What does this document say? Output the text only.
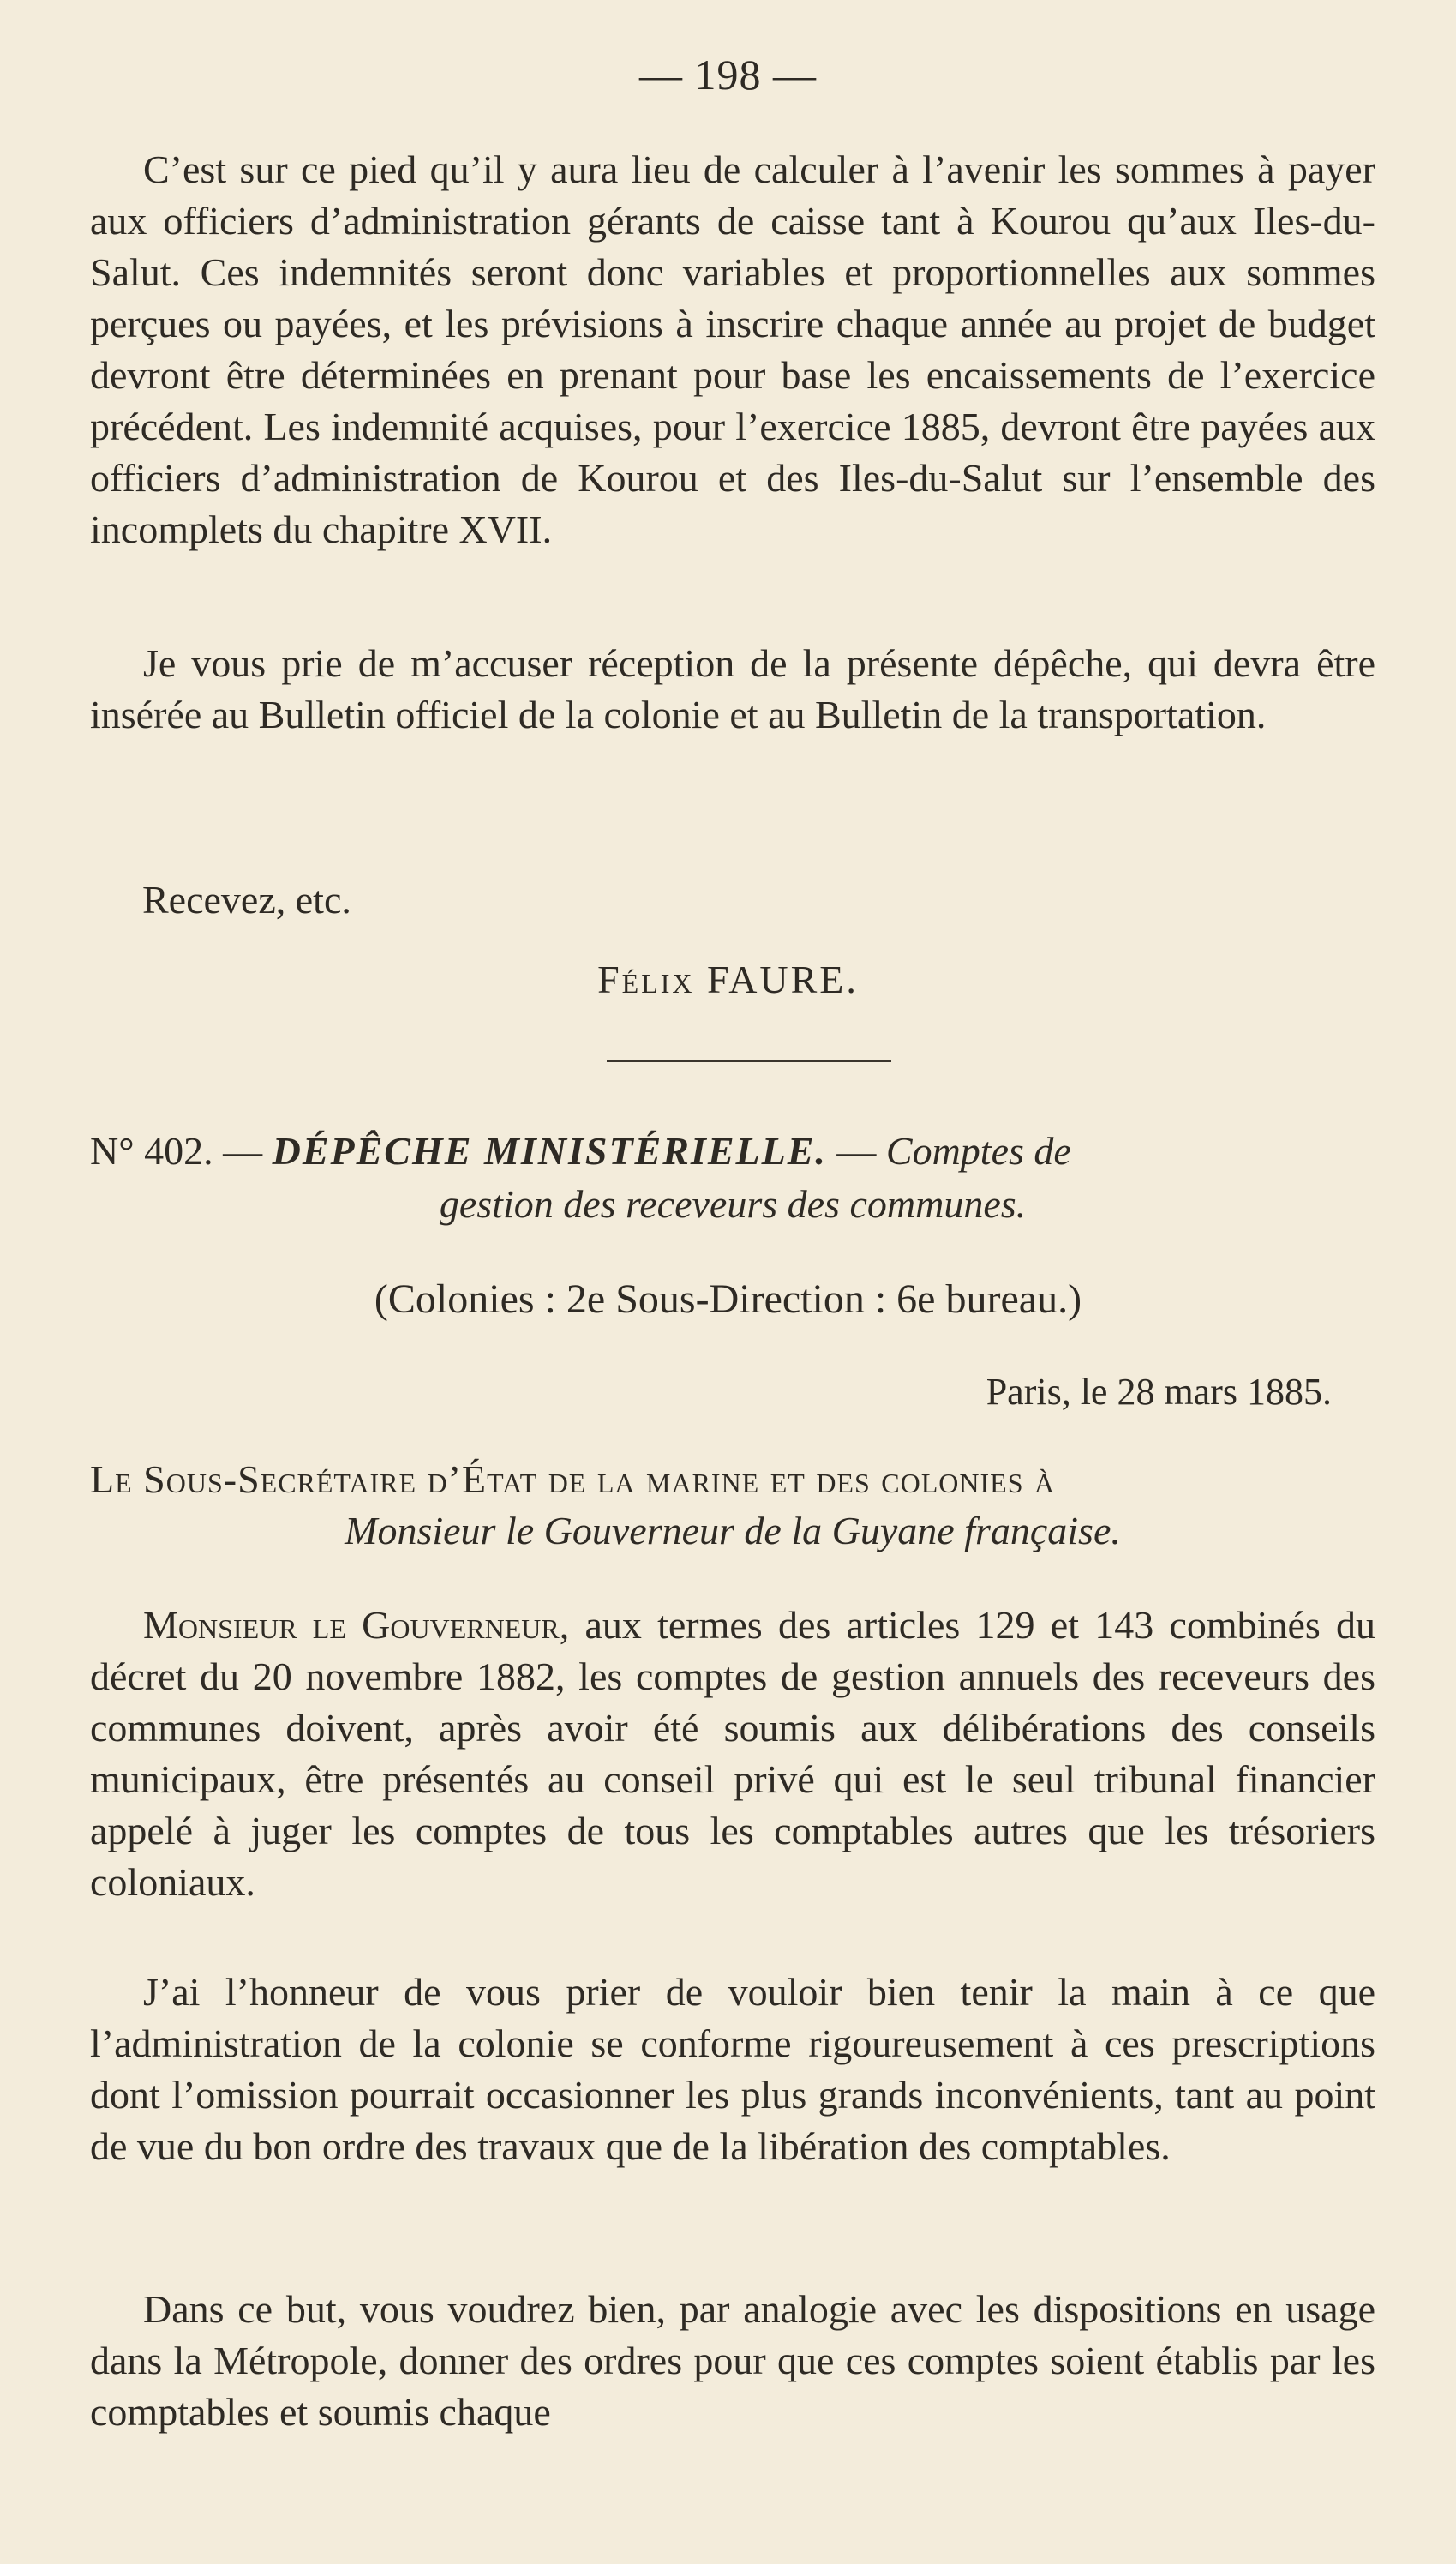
— 198 —

C’est sur ce pied qu’il y aura lieu de calculer à l’avenir les sommes à payer aux officiers d’administration gérants de caisse tant à Kourou qu’aux Iles-du-Salut. Ces indemnités seront donc variables et proportionnelles aux sommes perçues ou payées, et les prévisions à inscrire chaque année au projet de budget devront être déterminées en prenant pour base les encaissements de l’exercice précédent. Les indemnité acquises, pour l’exercice 1885, devront être payées aux officiers d’administration de Kourou et des Iles-du-Salut sur l’ensemble des incomplets du chapitre XVII.

Je vous prie de m’accuser réception de la présente dépêche, qui devra être insérée au Bulletin officiel de la colonie et au Bulletin de la transportation.

Recevez, etc.
Félix FAURE.
N° 402. — DÉPÊCHE MINISTÉRIELLE. — Comptes de
gestion des receveurs des communes.
(Colonies : 2e Sous-Direction : 6e bureau.)
Paris, le 28 mars 1885.
Le Sous-Secrétaire d’État de la marine et des colonies à
Monsieur le Gouverneur de la Guyane française.

Monsieur le Gouverneur, aux termes des articles 129 et 143 combinés du décret du 20 novembre 1882, les comptes de gestion annuels des receveurs des communes doivent, après avoir été soumis aux délibérations des conseils municipaux, être présentés au conseil privé qui est le seul tribunal financier appelé à juger les comptes de tous les comptables autres que les trésoriers coloniaux.

J’ai l’honneur de vous prier de vouloir bien tenir la main à ce que l’administration de la colonie se conforme rigoureusement à ces prescriptions dont l’omission pourrait occasionner les plus grands inconvénients, tant au point de vue du bon ordre des travaux que de la libération des comptables.

Dans ce but, vous voudrez bien, par analogie avec les dispositions en usage dans la Métropole, donner des ordres pour que ces comptes soient établis par les comptables et soumis chaque
